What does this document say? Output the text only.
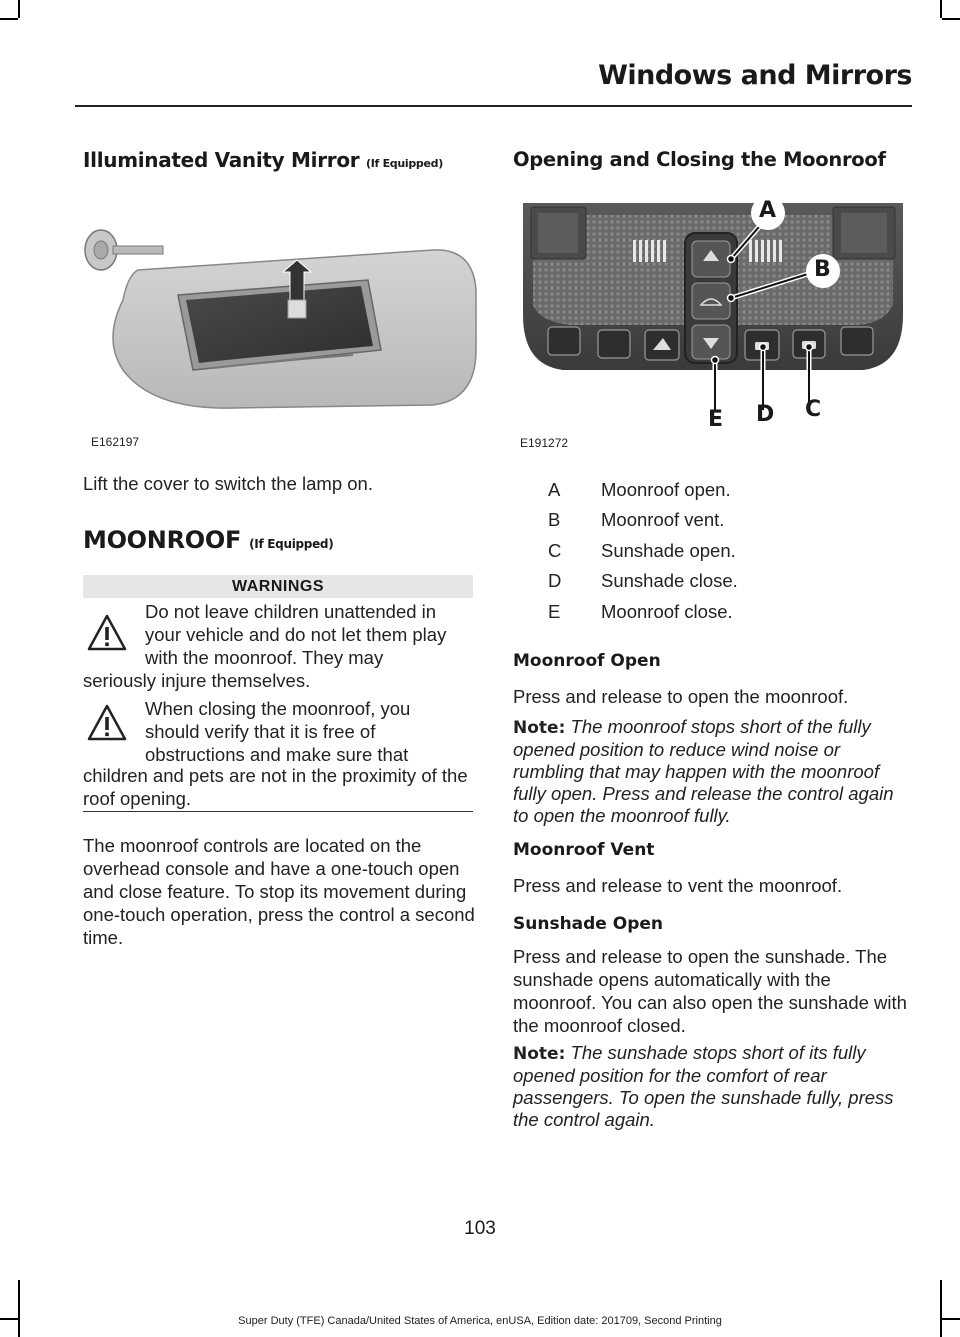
Windows and Mirrors
Illuminated Vanity Mirror (If Equipped)
E162197

Lift the cover to switch the lamp on.

MOONROOF (If Equipped)
WARNINGS
Do not leave children unattended in
your vehicle and do not let them play
with the moonroof. They may
seriously injure themselves.
When closing the moonroof, you
should verify that it is free of
obstructions and make sure that
children and pets are not in the proximity of the roof opening.

The moonroof controls are located on the overhead console and have a one-touch open and close feature. To stop its movement during one-touch operation, press the control a second time.

Opening and Closing the Moonroof
A
B
C
D
E
E191272
A Moonroof open.
B Moonroof vent.
C Sunshade open.
D Sunshade close.
E Moonroof close.
Moonroof Open

Press and release to open the moonroof.

Note: The moonroof stops short of the fully opened position to reduce wind noise or rumbling that may happen with the moonroof fully open. Press and release the control again to open the moonroof fully.

Moonroof Vent

Press and release to vent the moonroof.

Sunshade Open

Press and release to open the sunshade. The sunshade opens automatically with the moonroof. You can also open the sunshade with the moonroof closed.

Note: The sunshade stops short of its fully opened position for the comfort of rear passengers. To open the sunshade fully, press the control again.

103
Super Duty (TFE) Canada/United States of America, enUSA, Edition date: 201709, Second Printing
